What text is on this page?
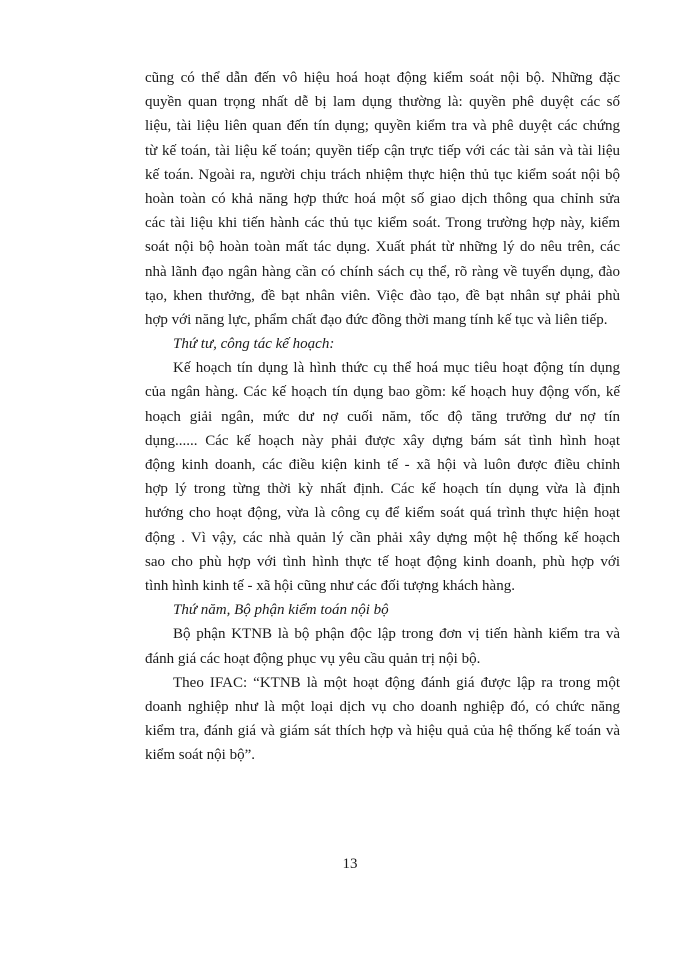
cũng có thể dẫn đến vô hiệu hoá hoạt động kiểm soát nội bộ. Những đặc
quyền quan trọng nhất dễ bị lam dụng thường là: quyền phê duyệt các số
liệu, tài liệu liên quan đến tín dụng; quyền kiểm tra và phê duyệt các chứng
từ kế toán, tài liệu kế toán; quyền tiếp cận trực tiếp với các tài sản và tài liệu
kế toán. Ngoài ra, người chịu trách nhiệm thực hiện thủ tục kiểm soát nội bộ
hoàn toàn có khả năng hợp thức hoá một số giao dịch thông qua chỉnh sửa
các tài liệu khi tiến hành các thủ tục kiểm soát. Trong trường hợp này, kiểm
soát nội bộ hoàn toàn mất tác dụng. Xuất phát từ những lý do nêu trên, các
nhà lãnh đạo ngân hàng cần có chính sách cụ thể, rõ ràng về tuyển dụng, đào
tạo, khen thưởng, đề bạt nhân viên. Việc đào tạo, đề bạt nhân sự phải phù
hợp với năng lực, phẩm chất đạo đức đồng thời mang tính kế tục và liên tiếp.
Thứ tư, công tác kế hoạch:
Kế hoạch tín dụng là hình thức cụ thể hoá mục tiêu hoạt động tín dụng
của ngân hàng. Các kế hoạch tín dụng bao gồm: kế hoạch huy động vốn, kế
hoạch giải ngân, mức dư nợ cuối năm, tốc độ tăng trưởng dư nợ tín
dụng...... Các kế hoạch này phải được xây dựng bám sát tình hình hoạt
động kinh doanh, các điều kiện kinh tế - xã hội và luôn được điều chỉnh
hợp lý trong từng thời kỳ nhất định. Các kế hoạch tín dụng vừa là định
hướng cho hoạt động, vừa là công cụ để kiểm soát quá trình thực hiện hoạt
động . Vì vậy, các nhà quản lý cần phải xây dựng một hệ thống kế hoạch
sao cho phù hợp với tình hình thực tế hoạt động kinh doanh, phù hợp với
tình hình kinh tế - xã hội cũng như các đối tượng khách hàng.
Thứ năm, Bộ phận kiểm toán nội bộ
Bộ phận KTNB là bộ phận độc lập trong đơn vị tiến hành kiểm tra và
đánh giá các hoạt động phục vụ yêu cầu quản trị nội bộ.
Theo IFAC: “KTNB là một hoạt động đánh giá được lập ra trong một
doanh nghiệp như là một loại dịch vụ cho doanh nghiệp đó, có chức năng
kiểm tra, đánh giá và giám sát thích hợp và hiệu quả của hệ thống kế toán và
kiểm soát nội bộ”.
13
